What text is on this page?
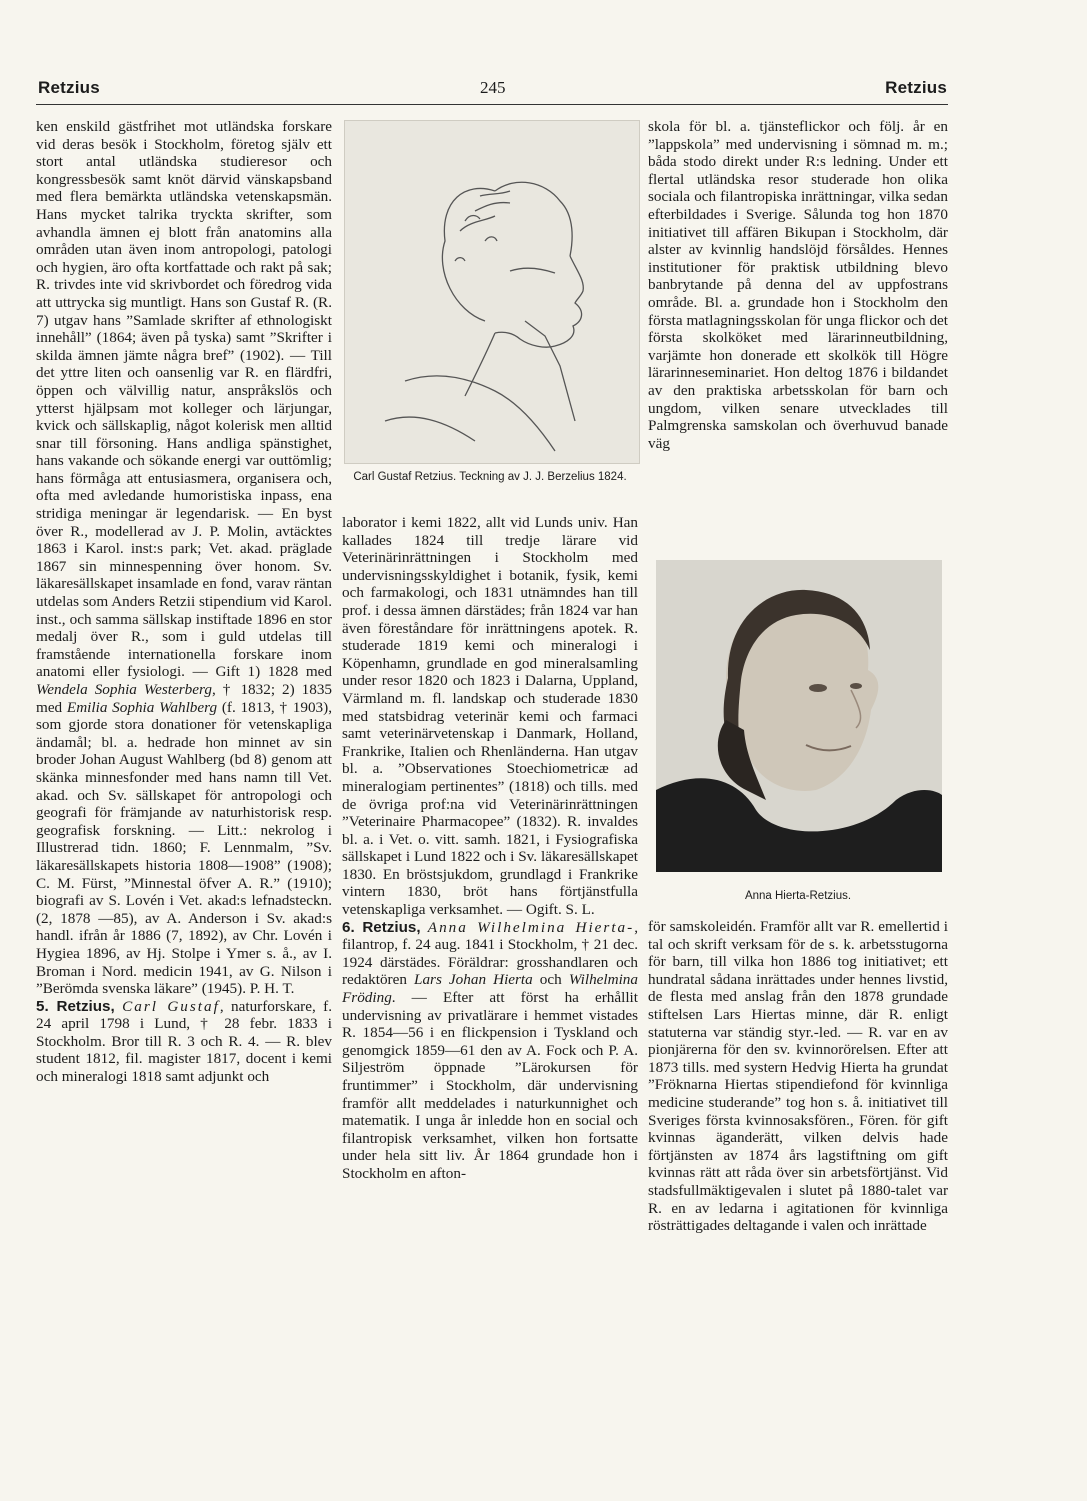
Retzius	245	Retzius

ken enskild gästfrihet mot utländska forskare vid deras besök i Stockholm, företog själv ett stort antal utländska studieresor och kongressbesök samt knöt därvid vänskapsband med flera bemärkta utländska vetenskapsmän. Hans mycket talrika tryckta skrifter, som avhandla ämnen ej blott från anatomins alla områden utan även inom antropologi, patologi och hygien, äro ofta kortfattade och rakt på sak; R. trivdes inte vid skrivbordet och föredrog vida att uttrycka sig muntligt. Hans son Gustaf R. (R. 7) utgav hans ”Samlade skrifter af ethnologiskt innehåll” (1864; även på tyska) samt ”Skrifter i skilda ämnen jämte några bref” (1902). — Till det yttre liten och oansenlig var R. en flärdfri, öppen och välvillig natur, anspråkslös och ytterst hjälpsam mot kolleger och lärjungar, kvick och sällskaplig, något kolerisk men alltid snar till försoning. Hans andliga spänstighet, hans vakande och sökande energi var outtömlig; hans förmåga att entusiasmera, organisera och, ofta med avledande humoristiska inpass, ena stridiga meningar är legendarisk. — En byst över R., modellerad av J. P. Molin, avtäcktes 1863 i Karol. inst:s park; Vet. akad. präglade 1867 sin minnespenning över honom. Sv. läkaresällskapet insamlade en fond, varav räntan utdelas som Anders Retzii stipendium vid Karol. inst., och samma sällskap instiftade 1896 en stor medalj över R., som i guld utdelas till framstående internationella forskare inom anatomi eller fysiologi. — Gift 1) 1828 med Wendela Sophia Westerberg, † 1832; 2) 1835 med Emilia Sophia Wahlberg (f. 1813, † 1903), som gjorde stora donationer för vetenskapliga ändamål; bl. a. hedrade hon minnet av sin broder Johan August Wahlberg (bd 8) genom att skänka minnesfonder med hans namn till Vet. akad. och Sv. sällskapet för antropologi och geografi för främjande av naturhistorisk resp. geografisk forskning. — Litt.: nekrolog i Illustrerad tidn. 1860; F. Lennmalm, ”Sv. läkaresällskapets historia 1808—1908” (1908); C. M. Fürst, ”Minnestal öfver A. R.” (1910); biografi av S. Lovén i Vet. akad:s lefnadsteckn. (2, 1878 —85), av A. Anderson i Sv. akad:s handl. ifrån år 1886 (7, 1892), av Chr. Lovén i Hygiea 1896, av Hj. Stolpe i Ymer s. å., av I. Broman i Nord. medicin 1941, av G. Nilson i ”Berömda svenska läkare” (1945). P. H. T.

5. Retzius, Carl Gustaf, naturforskare, f. 24 april 1798 i Lund, † 28 febr. 1833 i Stockholm. Bror till R. 3 och R. 4. — R. blev student 1812, fil. magister 1817, docent i kemi och mineralogi 1818 samt adjunkt och

Carl Gustaf Retzius. Teckning av J. J. Berzelius 1824.

laborator i kemi 1822, allt vid Lunds univ. Han kallades 1824 till tredje lärare vid Veterinärinrättningen i Stockholm med undervisningsskyldighet i botanik, fysik, kemi och farmakologi, och 1831 utnämndes han till prof. i dessa ämnen därstädes; från 1824 var han även föreståndare för inrättningens apotek. R. studerade 1819 kemi och mineralogi i Köpenhamn, grundlade en god mineralsamling under resor 1820 och 1823 i Dalarna, Uppland, Värmland m. fl. landskap och studerade 1830 med statsbidrag veterinär kemi och farmaci samt veterinärvetenskap i Danmark, Holland, Frankrike, Italien och Rhenländerna. Han utgav bl. a. ”Observationes Stoechiometricæ ad mineralogiam pertinentes” (1818) och tills. med de övriga prof:na vid Veterinärinrättningen ”Veterinaire Pharmacopee” (1832). R. invaldes bl. a. i Vet. o. vitt. samh. 1821, i Fysiografiska sällskapet i Lund 1822 och i Sv. läkaresällskapet 1830. En bröstsjukdom, grundlagd i Frankrike vintern 1830, bröt hans förtjänstfulla vetenskapliga verksamhet. — Ogift. S. L.

6. Retzius, Anna Wilhelmina Hierta-, filantrop, f. 24 aug. 1841 i Stockholm, † 21 dec. 1924 därstädes. Föräldrar: grosshandlaren och redaktören Lars Johan Hierta och Wilhelmina Fröding. — Efter att först ha erhållit undervisning av privatlärare i hemmet vistades R. 1854—56 i en flickpension i Tyskland och genomgick 1859—61 den av A. Fock och P. A. Siljeström öppnade ”Lärokursen för fruntimmer” i Stockholm, där undervisning framför allt meddelades i naturkunnighet och matematik. I unga år inledde hon en social och filantropisk verksamhet, vilken hon fortsatte under hela sitt liv. År 1864 grundade hon i Stockholm en afton-

skola för bl. a. tjänsteflickor och följ. år en ”lappskola” med undervisning i sömnad m. m.; båda stodo direkt under R:s ledning. Under ett flertal utländska resor studerade hon olika sociala och filantropiska inrättningar, vilka sedan efterbildades i Sverige. Sålunda tog hon 1870 initiativet till affären Bikupan i Stockholm, där alster av kvinnlig handslöjd försåldes. Hennes institutioner för praktisk utbildning blevo banbrytande på denna del av uppfostrans område. Bl. a. grundade hon i Stockholm den första matlagningsskolan för unga flickor och det första skolköket med lärarinneutbildning, varjämte hon donerade ett skolkök till Högre lärarinneseminariet. Hon deltog 1876 i bildandet av den praktiska arbetsskolan för barn och ungdom, vilken senare utvecklades till Palmgrenska samskolan och överhuvud banade väg

Anna Hierta-Retzius.

för samskoleidén. Framför allt var R. emellertid i tal och skrift verksam för de s. k. arbetsstugorna för barn, till vilka hon 1886 tog initiativet; ett hundratal sådana inrättades under hennes livstid, de flesta med anslag från den 1878 grundade stiftelsen Lars Hiertas minne, där R. enligt statuterna var ständig styr.-led. — R. var en av pionjärerna för den sv. kvinnorörelsen. Efter att 1873 tills. med systern Hedvig Hierta ha grundat ”Fröknarna Hiertas stipendiefond för kvinnliga medicine studerande” tog hon s. å. initiativet till Sveriges första kvinnosaksfören., Fören. för gift kvinnas äganderätt, vilken delvis hade förtjänsten av 1874 års lagstiftning om gift kvinnas rätt att råda över sin arbetsförtjänst. Vid stadsfullmäktigevalen i slutet på 1880-talet var R. en av ledarna i agitationen för kvinnliga rösträttigades deltagande i valen och inrättade
